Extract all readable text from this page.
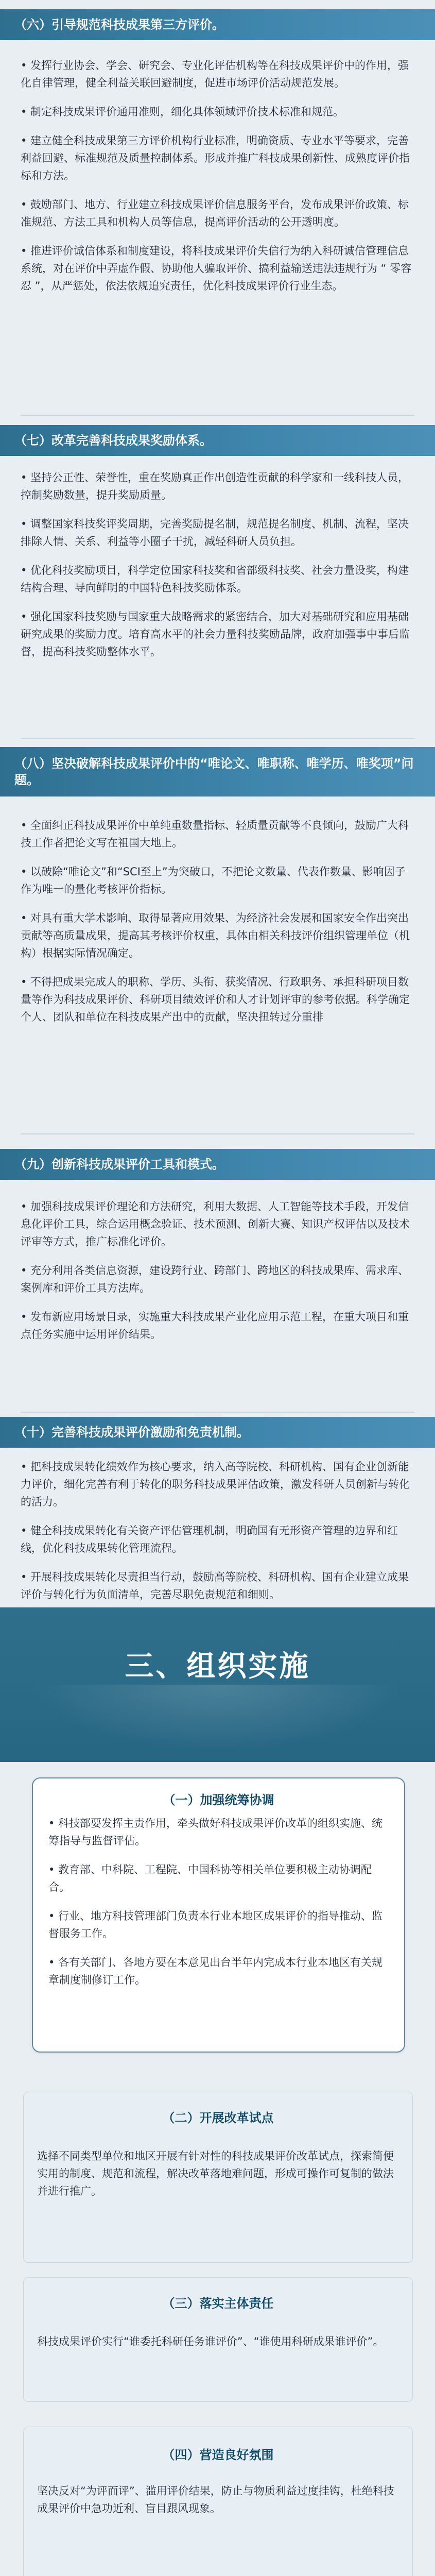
（六）引导规范科技成果第三方评价。

• 发挥行业协会、学会、研究会、专业化评估机构等在科技成果评价中的作用，强化自律管理，健全利益关联回避制度，促进市场评价活动规范发展。

• 制定科技成果评价通用准则，细化具体领域评价技术标准和规范。

• 建立健全科技成果第三方评价机构行业标准，明确资质、专业水平等要求，完善利益回避、标准规范及质量控制体系。形成并推广科技成果创新性、成熟度评价指标和方法。

• 鼓励部门、地方、行业建立科技成果评价信息服务平台，发布成果评价政策、标准规范、方法工具和机构人员等信息，提高评价活动的公开透明度。

• 推进评价诚信体系和制度建设，将科技成果评价失信行为纳入科研诚信管理信息系统，对在评价中弄虚作假、协助他人骗取评价、搞利益输送违法违规行为 “ 零容忍 ”，从严惩处，依法依规追究责任，优化科技成果评价行业生态。

（七）改革完善科技成果奖励体系。

• 坚持公正性、荣誉性，重在奖励真正作出创造性贡献的科学家和一线科技人员，控制奖励数量，提升奖励质量。

• 调整国家科技奖评奖周期，完善奖励提名制，规范提名制度、机制、流程，坚决排除人情、关系、利益等小圈子干扰，减轻科研人员负担。

• 优化科技奖励项目，科学定位国家科技奖和省部级科技奖、社会力量设奖，构建结构合理、导向鲜明的中国特色科技奖励体系。

• 强化国家科技奖励与国家重大战略需求的紧密结合，加大对基础研究和应用基础研究成果的奖励力度。培育高水平的社会力量科技奖励品牌，政府加强事中事后监督，提高科技奖励整体水平。

（八）坚决破解科技成果评价中的“唯论文、唯职称、唯学历、唯奖项”问题。

• 全面纠正科技成果评价中单纯重数量指标、轻质量贡献等不良倾向，鼓励广大科技工作者把论文写在祖国大地上。

• 以破除“唯论文”和“SCI至上”为突破口，不把论文数量、代表作数量、影响因子作为唯一的量化考核评价指标。

• 对具有重大学术影响、取得显著应用效果、为经济社会发展和国家安全作出突出贡献等高质量成果，提高其考核评价权重，具体由相关科技评价组织管理单位（机构）根据实际情况确定。

• 不得把成果完成人的职称、学历、头衔、获奖情况、行政职务、承担科研项目数量等作为科技成果评价、科研项目绩效评价和人才计划评审的参考依据。科学确定个人、团队和单位在科技成果产出中的贡献，坚决扭转过分重排

（九）创新科技成果评价工具和模式。

• 加强科技成果评价理论和方法研究，利用大数据、人工智能等技术手段，开发信息化评价工具，综合运用概念验证、技术预测、创新大赛、知识产权评估以及技术评审等方式，推广标准化评价。

• 充分利用各类信息资源，建设跨行业、跨部门、跨地区的科技成果库、需求库、案例库和评价工具方法库。

• 发布新应用场景目录，实施重大科技成果产业化应用示范工程，在重大项目和重点任务实施中运用评价结果。

（十）完善科技成果评价激励和免责机制。

• 把科技成果转化绩效作为核心要求，纳入高等院校、科研机构、国有企业创新能力评价，细化完善有利于转化的职务科技成果评估政策，激发科研人员创新与转化的活力。

• 健全科技成果转化有关资产评估管理机制，明确国有无形资产管理的边界和红线，优化科技成果转化管理流程。

• 开展科技成果转化尽责担当行动，鼓励高等院校、科研机构、国有企业建立成果评价与转化行为负面清单，完善尽职免责规范和细则。

三、组织实施
（一）加强统筹协调

• 科技部要发挥主责作用，牵头做好科技成果评价改革的组织实施、统筹指导与监督评估。

• 教育部、中科院、工程院、中国科协等相关单位要积极主动协调配合。

• 行业、地方科技管理部门负责本行业本地区成果评价的指导推动、监督服务工作。

• 各有关部门、各地方要在本意见出台半年内完成本行业本地区有关规章制度制修订工作。

（二）开展改革试点

选择不同类型单位和地区开展有针对性的科技成果评价改革试点，探索简便实用的制度、规范和流程，解决改革落地难问题，形成可操作可复制的做法并进行推广。

（三）落实主体责任

科技成果评价实行“谁委托科研任务谁评价”、“谁使用科研成果谁评价”。

（四）营造良好氛围

坚决反对“为评而评”、滥用评价结果，防止与物质利益过度挂钩，杜绝科技成果评价中急功近利、盲目跟风现象。
